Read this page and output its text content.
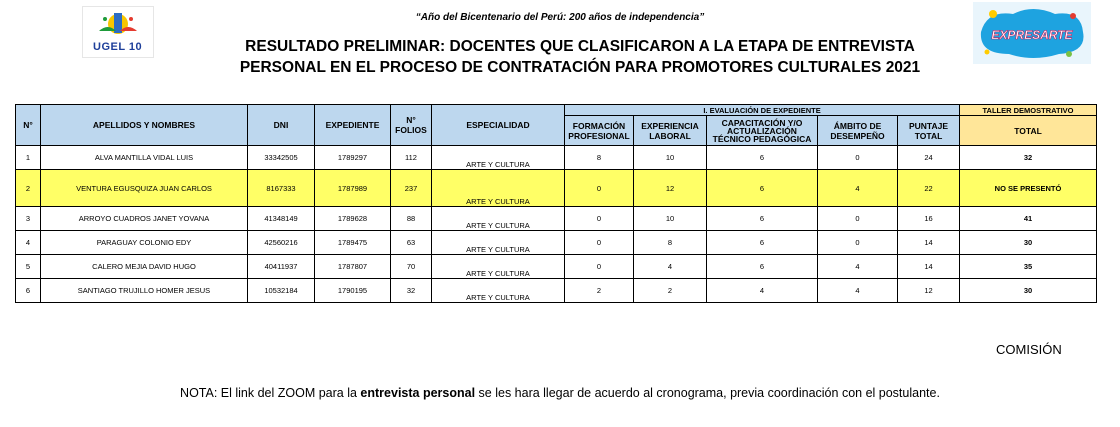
UGEL 10
EXPRESARTE
“Año del Bicentenario del Perú: 200 años de independencia”
RESULTADO PRELIMINAR: DOCENTES QUE CLASIFICARON A LA ETAPA DE ENTREVISTA
PERSONAL EN EL PROCESO DE CONTRATACIÓN PARA PROMOTORES CULTURALES 2021
N°	APELLIDOS Y NOMBRES	DNI	EXPEDIENTE	N° FOLIOS	ESPECIALIDAD	I. EVALUACIÓN DE EXPEDIENTE					TALLER DEMOSTRATIVO
						FORMACIÓN PROFESIONAL	EXPERIENCIA LABORAL	CAPACITACIÓN Y/O ACTUALIZACIÓN TÉCNICO PEDAGÓGICA	ÁMBITO DE DESEMPEÑO	PUNTAJE TOTAL	TOTAL
1	ALVA MANTILLA VIDAL LUIS	33342505	1789297	112	ARTE Y CULTURA	8	10	6	0	24	32
2	VENTURA EGUSQUIZA JUAN CARLOS	8167333	1787989	237	ARTE Y CULTURA	0	12	6	4	22	NO SE PRESENTÓ
3	ARROYO CUADROS JANET YOVANA	41348149	1789628	88	ARTE Y CULTURA	0	10	6	0	16	41
4	PARAGUAY COLONIO EDY	42560216	1789475	63	ARTE Y CULTURA	0	8	6	0	14	30
5	CALERO MEJIA DAVID HUGO	40411937	1787807	70	ARTE Y CULTURA	0	4	6	4	14	35
6	SANTIAGO TRUJILLO HOMER JESUS	10532184	1790195	32	ARTE Y CULTURA	2	2	4	4	12	30
COMISIÓN
NOTA: El link del ZOOM para la entrevista personal se les hara llegar de acuerdo al cronograma, previa coordinación con el postulante.
